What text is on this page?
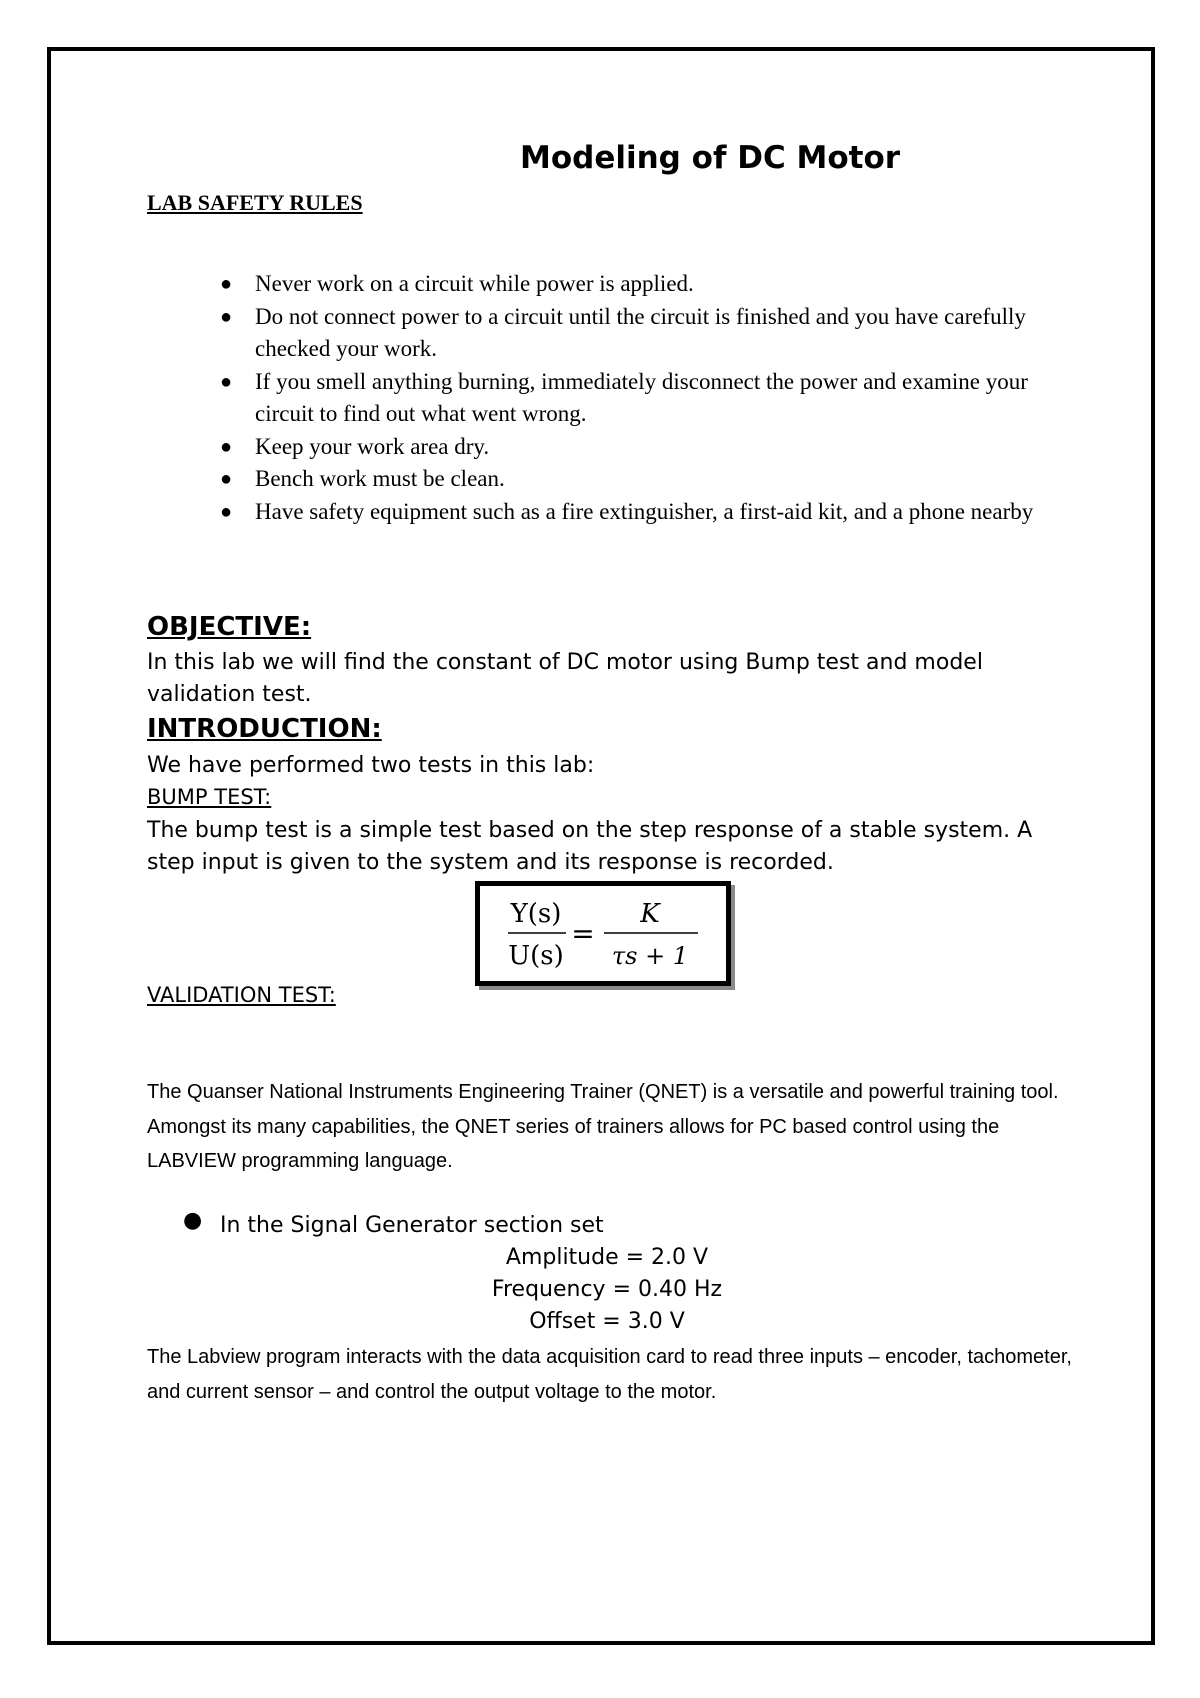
Modeling of DC Motor
LAB SAFETY RULES
● Never work on a circuit while power is applied.
● Do not connect power to a circuit until the circuit is finished and you have carefully checked your work.
● If you smell anything burning, immediately disconnect the power and examine your circuit to find out what went wrong.
● Keep your work area dry.
● Bench work must be clean.
● Have safety equipment such as a fire extinguisher, a first-aid kit, and a phone nearby
OBJECTIVE:
In this lab we will find the constant of DC motor using Bump test and model validation test.
INTRODUCTION:
We have performed two tests in this lab:
BUMP TEST:
The bump test is a simple test based on the step response of a stable system. A step input is given to the system and its response is recorded.
Y(s)
U(s)
=
K
τs + 1
VALIDATION TEST:
The Quanser National Instruments Engineering Trainer (QNET) is a versatile and powerful training tool. Amongst its many capabilities, the QNET series of trainers allows for PC based control using the LABVIEW programming language.
● In the Signal Generator section set
Amplitude = 2.0 V
Frequency = 0.40 Hz
Offset = 3.0 V
The Labview program interacts with the data acquisition card to read three inputs – encoder, tachometer, and current sensor – and control the output voltage to the motor.
